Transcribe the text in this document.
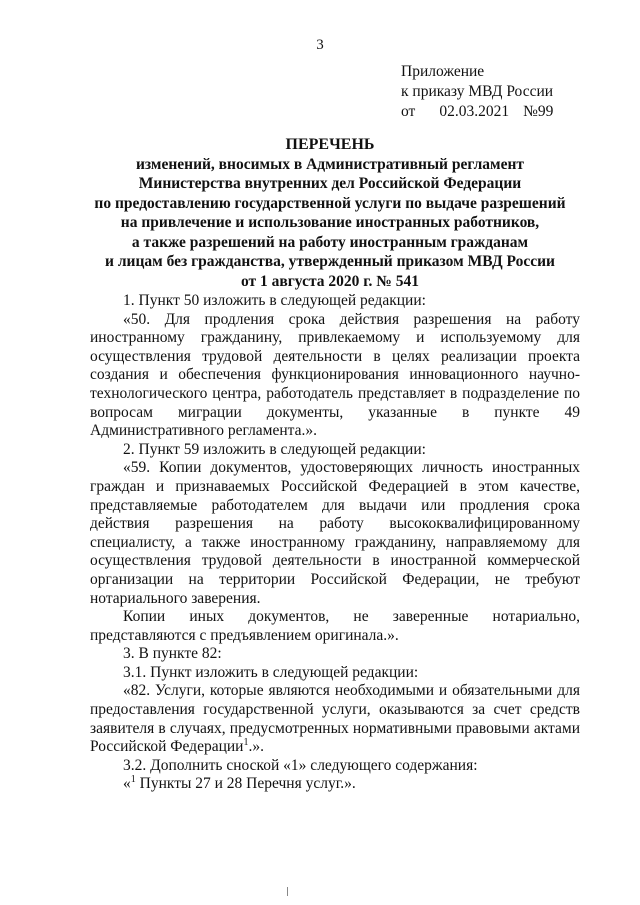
3
Приложение
к приказу МВД России
от 02.03.2021 №99
ПЕРЕЧЕНЬ
изменений, вносимых в Административный регламент
Министерства внутренних дел Российской Федерации
по предоставлению государственной услуги по выдаче разрешений
на привлечение и использование иностранных работников,
а также разрешений на работу иностранным гражданам
и лицам без гражданства, утвержденный приказом МВД России
от 1 августа 2020 г. № 541

1. Пункт 50 изложить в следующей редакции:

«50. Для продления срока действия разрешения на работу иностранному гражданину, привлекаемому и используемому для осуществления трудовой деятельности в целях реализации проекта создания и обеспечения функционирования инновационного научно-технологического центра, работодатель представляет в подразделение по вопросам миграции документы, указанные в пункте 49 Административного регламента.».

2. Пункт 59 изложить в следующей редакции:

«59. Копии документов, удостоверяющих личность иностранных граждан и признаваемых Российской Федерацией в этом качестве, представляемые работодателем для выдачи или продления срока действия разрешения на работу высококвалифицированному специалисту, а также иностранному гражданину, направляемому для осуществления трудовой деятельности в иностранной коммерческой организации на территории Российской Федерации, не требуют нотариального заверения.

Копии иных документов, не заверенные нотариально, представляются с предъявлением оригинала.».

3. В пункте 82:

3.1. Пункт изложить в следующей редакции:

«82. Услуги, которые являются необходимыми и обязательными для предоставления государственной услуги, оказываются за счет средств заявителя в случаях, предусмотренных нормативными правовыми актами Российской Федерации$^1$.».

3.2. Дополнить сноской «1» следующего содержания:

«$^1$ Пункты 27 и 28 Перечня услуг.».
